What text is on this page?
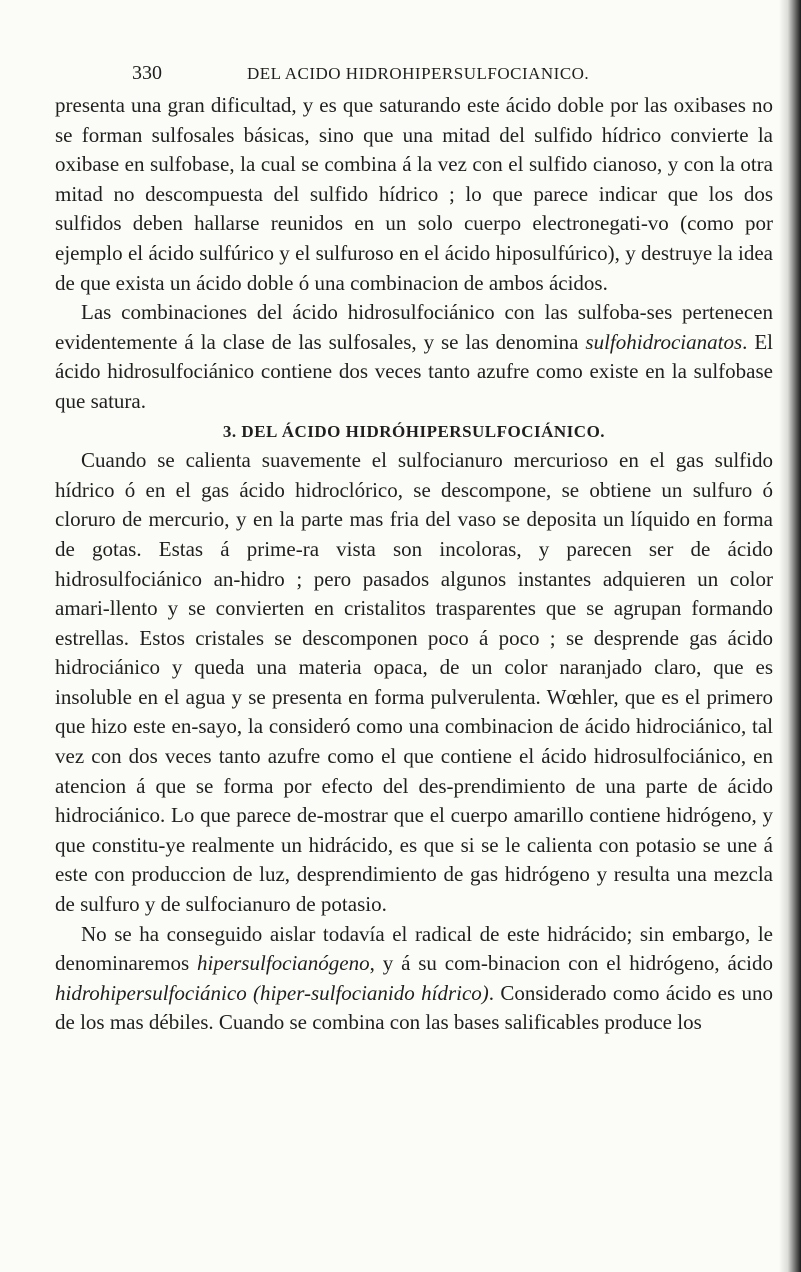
330	DEL ACIDO HIDROHIPERSULFOCIANICO.

presenta una gran dificultad, y es que saturando este ácido doble por las oxibases no se forman sulfosales básicas, sino que una mitad del sulfido hídrico convierte la oxibase en sulfobase, la cual se combina á la vez con el sulfido cianoso, y con la otra mitad no descompuesta del sulfido hídrico ; lo que parece indicar que los dos sulfidos deben hallarse reunidos en un solo cuerpo electronegati-vo (como por ejemplo el ácido sulfúrico y el sulfuroso en el ácido hiposulfúrico), y destruye la idea de que exista un ácido doble ó una combinacion de ambos ácidos.

Las combinaciones del ácido hidrosulfociánico con las sulfoba-ses pertenecen evidentemente á la clase de las sulfosales, y se las denomina sulfohidrocianatos. El ácido hidrosulfociánico contiene dos veces tanto azufre como existe en la sulfobase que satura.

3. DEL ÁCIDO HIDRÓHIPERSULFOCIÁNICO.

Cuando se calienta suavemente el sulfocianuro mercurioso en el gas sulfido hídrico ó en el gas ácido hidroclórico, se descompone, se obtiene un sulfuro ó cloruro de mercurio, y en la parte mas fria del vaso se deposita un líquido en forma de gotas. Estas á prime-ra vista son incoloras, y parecen ser de ácido hidrosulfociánico an-hidro ; pero pasados algunos instantes adquieren un color amari-llento y se convierten en cristalitos trasparentes que se agrupan formando estrellas. Estos cristales se descomponen poco á poco ; se desprende gas ácido hidrociánico y queda una materia opaca, de un color naranjado claro, que es insoluble en el agua y se presenta en forma pulverulenta. Wœhler, que es el primero que hizo este en-sayo, la consideró como una combinacion de ácido hidrociánico, tal vez con dos veces tanto azufre como el que contiene el ácido hidrosulfociánico, en atencion á que se forma por efecto del des-prendimiento de una parte de ácido hidrociánico. Lo que parece de-mostrar que el cuerpo amarillo contiene hidrógeno, y que constitu-ye realmente un hidrácido, es que si se le calienta con potasio se une á este con produccion de luz, desprendimiento de gas hidrógeno y resulta una mezcla de sulfuro y de sulfocianuro de potasio.

No se ha conseguido aislar todavía el radical de este hidrácido; sin embargo, le denominaremos hipersulfocianógeno, y á su com-binacion con el hidrógeno, ácido hidrohipersulfociánico (hiper-sulfocianido hídrico). Considerado como ácido es uno de los mas débiles. Cuando se combina con las bases salificables produce los
